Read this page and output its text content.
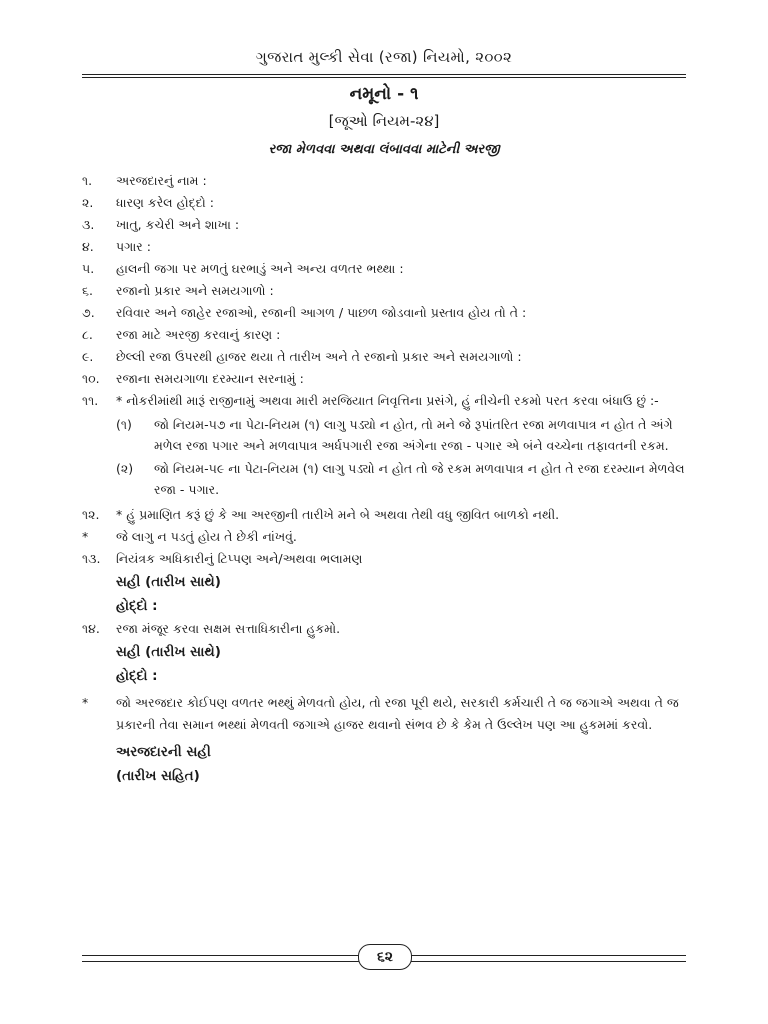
ગુજરાત મુલ્કી સેવા (રજા) નિયમો, ૨૦૦૨
નમૂનો - ૧
[જૂઓ નિયમ-૨૪]
રજા મેળવવા અથવા લંબાવવા માટેની અરજી
૧.	અરજદારનું નામ :
૨.	ધારણ કરેલ હોદ્દો :
૩.	ખાતુ, કચેરી અને શાખા :
૪.	પગાર :
૫.	હાલની જગા પર મળતું ઘરભાડું અને અન્ય વળતર ભથ્થા :
૬.	રજાનો પ્રકાર અને સમયગાળો :
૭.	રવિવાર અને જાહેર રજાઓ, રજાની આગળ / પાછળ જોડવાનો પ્રસ્તાવ હોય તો તે :
૮.	રજા માટે અરજી કરવાનું કારણ :
૯.	છેલ્લી રજા ઉપરથી હાજર થયા તે તારીખ અને તે રજાનો પ્રકાર અને સમયગાળો :
૧૦.	રજાના સમયગાળા દરમ્યાન સરનામું :
૧૧.	* નોકરીમાંથી મારૂં રાજીનામું અથવા મારી મરજિયાત નિવૃત્તિના પ્રસંગે, હું નીચેની રકમો પરત કરવા બંધાઉ છું :-
(૧)	જો નિયમ-૫૭ ના પેટા-નિયમ (૧) લાગુ પડ્યો ન હોત, તો મને જે રૂપાંતરિત રજા મળવાપાત્ર ન હોત તે અંગે મળેલ રજા પગાર અને મળવાપાત્ર અર્ધપગારી રજા અંગેના રજા - પગાર એ બંને વચ્ચેના તફાવતની રકમ.
(૨)	જો નિયમ-૫૯ ના પેટા-નિયમ (૧) લાગુ પડ્યો ન હોત તો જે રકમ મળવાપાત્ર ન હોત તે રજા દરમ્યાન મેળવેલ રજા - પગાર.
૧૨.	* હું પ્રમાણિત કરૂં છું કે આ અરજીની તારીખે મને બે અથવા તેથી વધુ જીવિત બાળકો નથી.
*	જે લાગુ ન પડતું હોય તે છેકી નાંખવું.
૧૩.	નિયંત્રક અધિકારીનું ટિપ્પણ અને/અથવા ભલામણ
સહી (તારીખ સાથે)
હોદ્દો :
૧૪.	રજા મંજૂર કરવા સક્ષમ સત્તાધિકારીના હુકમો.
સહી (તારીખ સાથે)
હોદ્દો :
*	જો અરજદાર કોઈપણ વળતર ભથ્થું મેળવતો હોય, તો રજા પૂરી થયે, સરકારી કર્મચારી તે જ જગાએ અથવા તે જ પ્રકારની તેવા સમાન ભથ્થાં મેળવતી જગાએ હાજર થવાનો સંભવ છે કે કેમ તે ઉલ્લેખ પણ આ હુકમમાં કરવો.
અરજદારની સહી
(તારીખ સહિત)
૬૨
